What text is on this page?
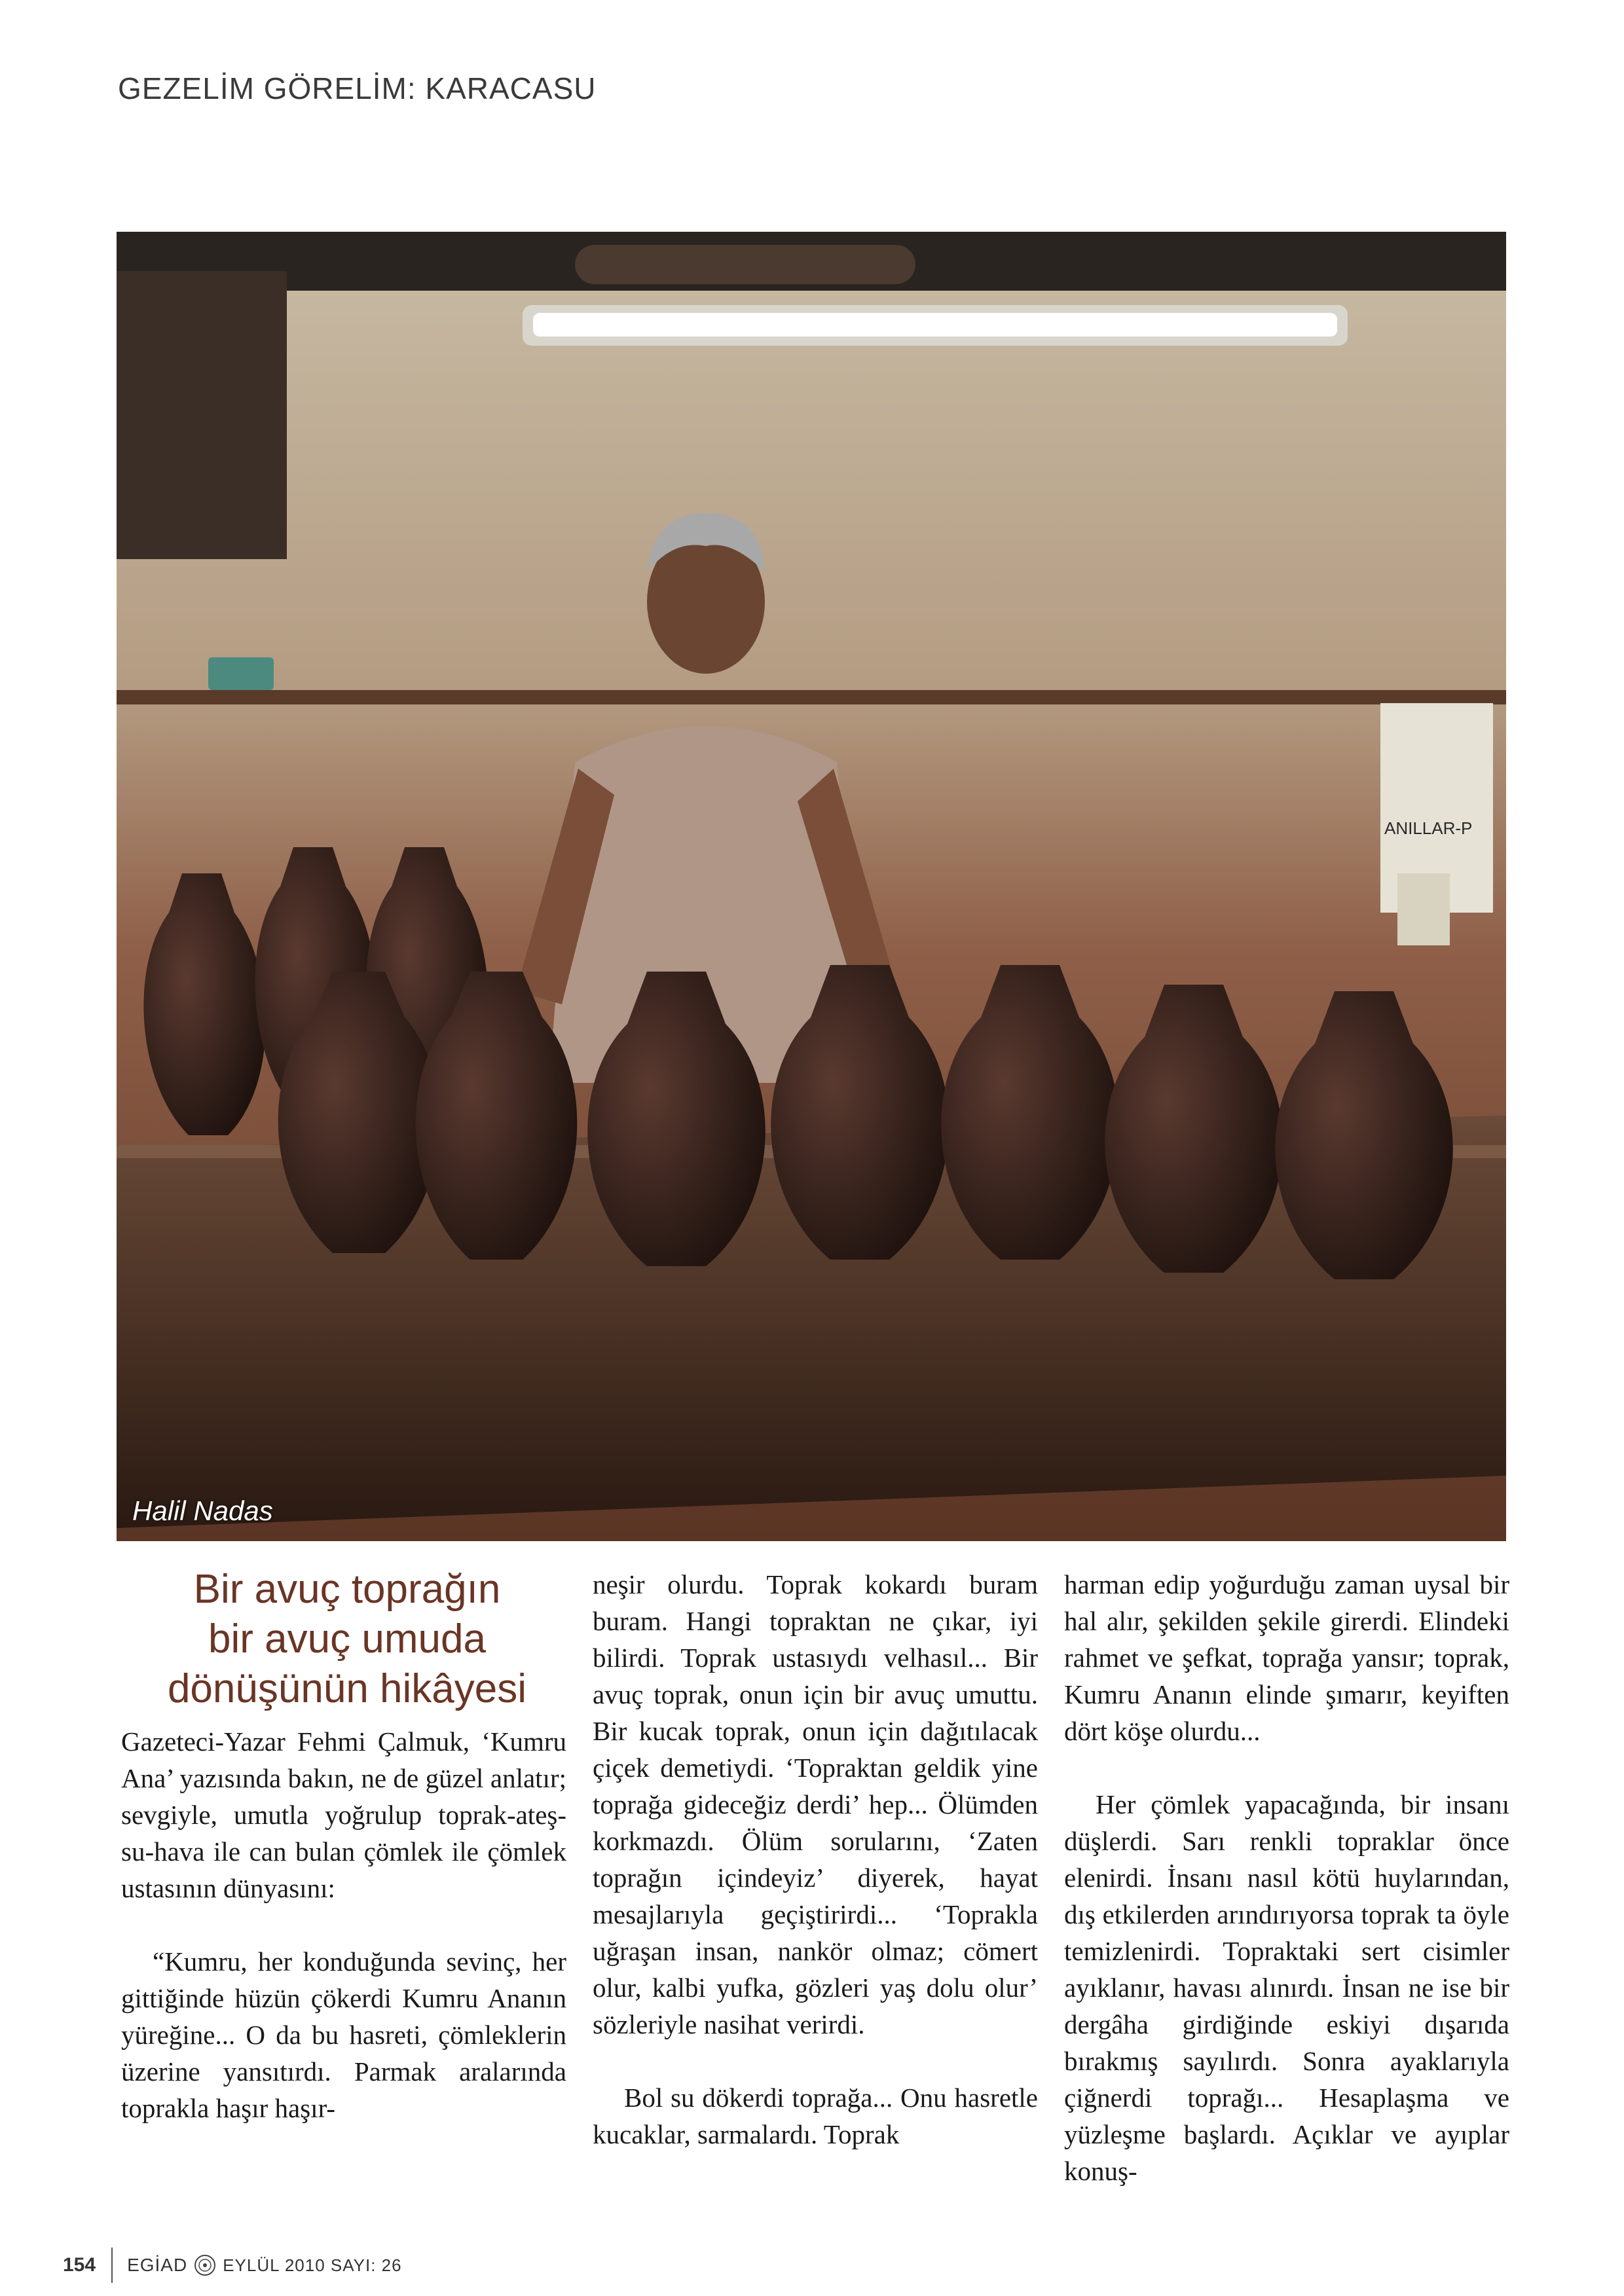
GEZELİM GÖRELİM: KARACASU
ANILLAR-P
Halil Nadas
Bir avuç toprağın
bir avuç umuda
dönüşünün hikâyesi

Gazeteci-Yazar Fehmi Çalmuk, ‘Kumru Ana’ yazısında bakın, ne de güzel anlatır; sevgiyle, umutla yoğrulup toprak-ateş-su-hava ile can bulan çömlek ile çömlek ustasının dünyasını:

“Kumru, her konduğunda sevinç, her gittiğinde hüzün çökerdi Kumru Ananın yüreğine... O da bu hasreti, çömleklerin üzerine yansıtırdı. Parmak aralarında toprakla haşır haşır-

neşir olurdu. Toprak kokardı buram buram. Hangi topraktan ne çıkar, iyi bilirdi. Toprak ustasıydı velhasıl... Bir avuç toprak, onun için bir avuç umuttu. Bir kucak toprak, onun için dağıtılacak çiçek demetiydi. ‘Topraktan geldik yine toprağa gideceğiz derdi’ hep... Ölümden korkmazdı. Ölüm sorularını, ‘Zaten toprağın içindeyiz’ diyerek, hayat mesajlarıyla geçiştirirdi... ‘Toprakla uğraşan insan, nankör olmaz; cömert olur, kalbi yufka, gözleri yaş dolu olur’ sözleriyle nasihat verirdi.

Bol su dökerdi toprağa... Onu hasretle kucaklar, sarmalardı. Toprak

harman edip yoğurduğu zaman uysal bir hal alır, şekilden şekile girerdi. Elindeki rahmet ve şefkat, toprağa yansır; toprak, Kumru Ananın elinde şımarır, keyiften dört köşe olurdu...

Her çömlek yapacağında, bir insanı düşlerdi. Sarı renkli topraklar önce elenirdi. İnsanı nasıl kötü huylarından, dış etkilerden arındırıyorsa toprak ta öyle temizlenirdi. Topraktaki sert cisimler ayıklanır, havası alınırdı. İnsan ne ise bir dergâha girdiğinde eskiyi dışarıda bırakmış sayılırdı. Sonra ayaklarıyla çiğnerdi toprağı... Hesaplaşma ve yüzleşme başlardı. Açıklar ve ayıplar konuş-

154 EGİAD EYLÜL 2010 SAYI: 26
